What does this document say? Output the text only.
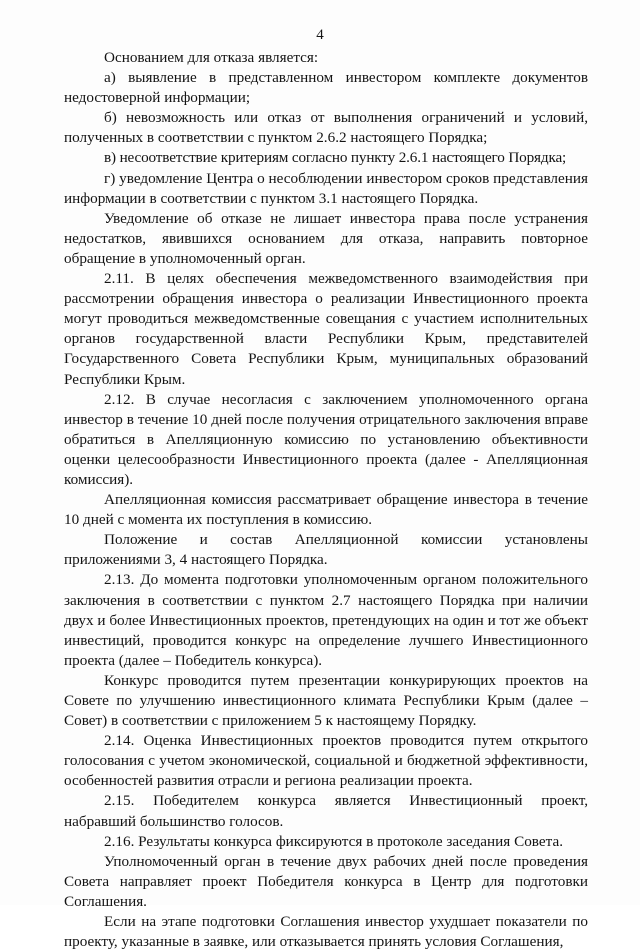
4

Основанием для отказа является:

а) выявление в представленном инвестором комплекте документов недостоверной информации;

б) невозможность или отказ от выполнения ограничений и условий, полученных в соответствии с пунктом 2.6.2 настоящего Порядка;

в) несоответствие критериям согласно пункту 2.6.1 настоящего Порядка;

г) уведомление Центра о несоблюдении инвестором сроков представления информации в соответствии с пунктом 3.1 настоящего Порядка.

Уведомление об отказе не лишает инвестора права после устранения недостатков, явившихся основанием для отказа, направить повторное обращение в уполномоченный орган.

2.11. В целях обеспечения межведомственного взаимодействия при рассмотрении обращения инвестора о реализации Инвестиционного проекта могут проводиться межведомственные совещания с участием исполнительных органов государственной власти Республики Крым, представителей Государственного Совета Республики Крым, муниципальных образований Республики Крым.

2.12. В случае несогласия с заключением уполномоченного органа инвестор в течение 10 дней после получения отрицательного заключения вправе обратиться в Апелляционную комиссию по установлению объективности оценки целесообразности Инвестиционного проекта (далее - Апелляционная комиссия).

Апелляционная комиссия рассматривает обращение инвестора в течение 10 дней с момента их поступления в комиссию.

Положение и состав Апелляционной комиссии установлены приложениями 3, 4 настоящего Порядка.

2.13. До момента подготовки уполномоченным органом положительного заключения в соответствии с пунктом 2.7 настоящего Порядка при наличии двух и более Инвестиционных проектов, претендующих на один и тот же объект инвестиций, проводится конкурс на определение лучшего Инвестиционного проекта (далее – Победитель конкурса).

Конкурс проводится путем презентации конкурирующих проектов на Совете по улучшению инвестиционного климата Республики Крым (далее – Совет) в соответствии с приложением 5 к настоящему Порядку.

2.14. Оценка Инвестиционных проектов проводится путем открытого голосования с учетом экономической, социальной и бюджетной эффективности, особенностей развития отрасли и региона реализации проекта.

2.15. Победителем конкурса является Инвестиционный проект, набравший большинство голосов.

2.16. Результаты конкурса фиксируются в протоколе заседания Совета.

Уполномоченный орган в течение двух рабочих дней после проведения Совета направляет проект Победителя конкурса в Центр для подготовки Соглашения.

Если на этапе подготовки Соглашения инвестор ухудшает показатели по проекту, указанные в заявке, или отказывается принять условия Соглашения,
